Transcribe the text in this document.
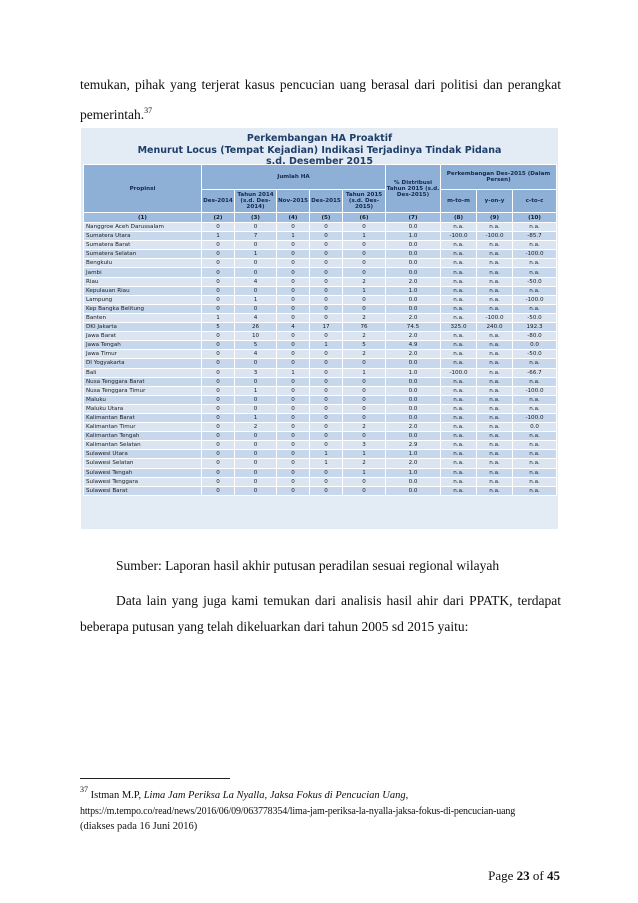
temukan, pihak yang terjerat kasus pencucian uang berasal dari politisi dan perangkat
pemerintah.$^{37}$
Perkembangan HA Proaktif
Menurut Locus (Tempat Kejadian) Indikasi Terjadinya Tindak Pidana
s.d. Desember 2015
Propinsi	Jumlah HA					% Distribusi Tahun 2015 (s.d. Des-2015)	Perkembangan Des-2015 (Dalam Persen)		
	Des-2014	Tahun 2014 (s.d. Des-2014)	Nov-2015	Des-2015	Tahun 2015 (s.d. Des-2015)		m-to-m	y-on-y	c-to-c
(1)	(2)	(3)	(4)	(5)	(6)	(7)	(8)	(9)	(10)
Nanggroe Aceh Darussalam	0	0	0	0	0	0.0	n.a.	n.a.	n.a.
Sumatera Utara	1	7	1	0	1	1.0	-100.0	-100.0	-85.7
Sumatera Barat	0	0	0	0	0	0.0	n.a.	n.a.	n.a.
Sumatera Selatan	0	1	0	0	0	0.0	n.a.	n.a.	-100.0
Bengkulu	0	0	0	0	0	0.0	n.a.	n.a.	n.a.
Jambi	0	0	0	0	0	0.0	n.a.	n.a.	n.a.
Riau	0	4	0	0	2	2.0	n.a.	n.a.	-50.0
Kepulauan Riau	0	0	0	0	1	1.0	n.a.	n.a.	n.a.
Lampung	0	1	0	0	0	0.0	n.a.	n.a.	-100.0
Kep Bangka Belitung	0	0	0	0	0	0.0	n.a.	n.a.	n.a.
Banten	1	4	0	0	2	2.0	n.a.	-100.0	-50.0
DKI Jakarta	5	26	4	17	76	74.5	325.0	240.0	192.3
Jawa Barat	0	10	0	0	2	2.0	n.a.	n.a.	-80.0
Jawa Tengah	0	5	0	1	5	4.9	n.a.	n.a.	0.0
Jawa Timur	0	4	0	0	2	2.0	n.a.	n.a.	-50.0
DI Yogyakarta	0	0	0	0	0	0.0	n.a.	n.a.	n.a.
Bali	0	3	1	0	1	1.0	-100.0	n.a.	-66.7
Nusa Tenggara Barat	0	0	0	0	0	0.0	n.a.	n.a.	n.a.
Nusa Tenggara Timur	0	1	0	0	0	0.0	n.a.	n.a.	-100.0
Maluku	0	0	0	0	0	0.0	n.a.	n.a.	n.a.
Maluku Utara	0	0	0	0	0	0.0	n.a.	n.a.	n.a.
Kalimantan Barat	0	1	0	0	0	0.0	n.a.	n.a.	-100.0
Kalimantan Timur	0	2	0	0	2	2.0	n.a.	n.a.	0.0
Kalimantan Tengah	0	0	0	0	0	0.0	n.a.	n.a.	n.a.
Kalimantan Selatan	0	0	0	0	3	2.9	n.a.	n.a.	n.a.
Sulawesi Utara	0	0	0	1	1	1.0	n.a.	n.a.	n.a.
Sulawesi Selatan	0	0	0	1	2	2.0	n.a.	n.a.	n.a.
Sulawesi Tengah	0	0	0	0	1	1.0	n.a.	n.a.	n.a.
Sulawesi Tenggara	0	0	0	0	0	0.0	n.a.	n.a.	n.a.
Sulawesi Barat	0	0	0	0	0	0.0	n.a.	n.a.	n.a.
Sumber: Laporan hasil akhir putusan peradilan sesuai regional wilayah
Data lain yang juga kami temukan dari analisis hasil ahir dari PPATK, terdapat beberapa putusan yang telah dikeluarkan dari tahun 2005 sd 2015 yaitu:
$^{37}$ Istman M.P, Lima Jam Periksa La Nyalla, Jaksa Fokus di Pencucian Uang,
https://m.tempo.co/read/news/2016/06/09/063778354/lima-jam-periksa-la-nyalla-jaksa-fokus-di-pencucian-uang
(diakses pada 16 Juni 2016)
Page 23 of 45
